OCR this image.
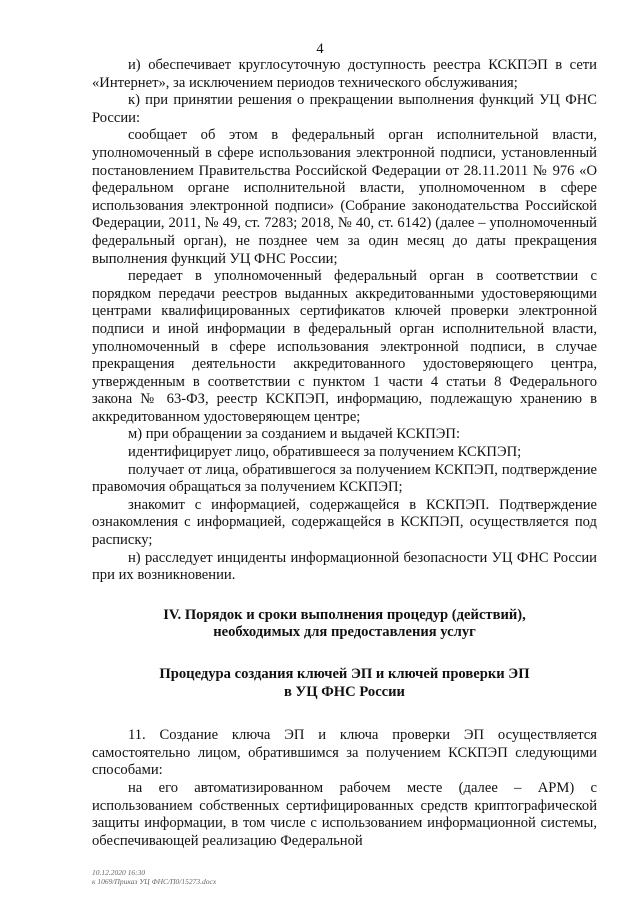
4

и) обеспечивает круглосуточную доступность реестра КСКПЭП в сети «Интернет», за исключением периодов технического обслуживания;

к) при принятии решения о прекращении выполнения функций УЦ ФНС России:

сообщает об этом в федеральный орган исполнительной власти, уполномоченный в сфере использования электронной подписи, установленный постановлением Правительства Российской Федерации от 28.11.2011 № 976 «О федеральном органе исполнительной власти, уполномоченном в сфере использования электронной подписи» (Собрание законодательства Российской Федерации, 2011, № 49, ст. 7283; 2018, № 40, ст. 6142) (далее – уполномоченный федеральный орган), не позднее чем за один месяц до даты прекращения выполнения функций УЦ ФНС России;

передает в уполномоченный федеральный орган в соответствии с порядком передачи реестров выданных аккредитованными удостоверяющими центрами квалифицированных сертификатов ключей проверки электронной подписи и иной информации в федеральный орган исполнительной власти, уполномоченный в сфере использования электронной подписи, в случае прекращения деятельности аккредитованного удостоверяющего центра, утвержденным в соответствии с пунктом 1 части 4 статьи 8 Федерального закона № 63-ФЗ, реестр КСКПЭП, информацию, подлежащую хранению в аккредитованном удостоверяющем центре;

м) при обращении за созданием и выдачей КСКПЭП:

идентифицирует лицо, обратившееся за получением КСКПЭП;

получает от лица, обратившегося за получением КСКПЭП, подтверждение правомочия обращаться за получением КСКПЭП;

знакомит с информацией, содержащейся в КСКПЭП. Подтверждение ознакомления с информацией, содержащейся в КСКПЭП, осуществляется под расписку;

н) расследует инциденты информационной безопасности УЦ ФНС России при их возникновении.

IV. Порядок и сроки выполнения процедур (действий),

необходимых для предоставления услуг

Процедура создания ключей ЭП и ключей проверки ЭП

в УЦ ФНС России

11. Создание ключа ЭП и ключа проверки ЭП осуществляется самостоятельно лицом, обратившимся за получением КСКПЭП следующими способами:

на его автоматизированном рабочем месте (далее – АРМ) с использованием собственных сертифицированных средств криптографической защиты информации, в том числе с использованием информационной системы, обеспечивающей реализацию Федеральной

10.12.2020 16:30
к 1069/Приказ УЦ ФНС/П0/15273.docx
